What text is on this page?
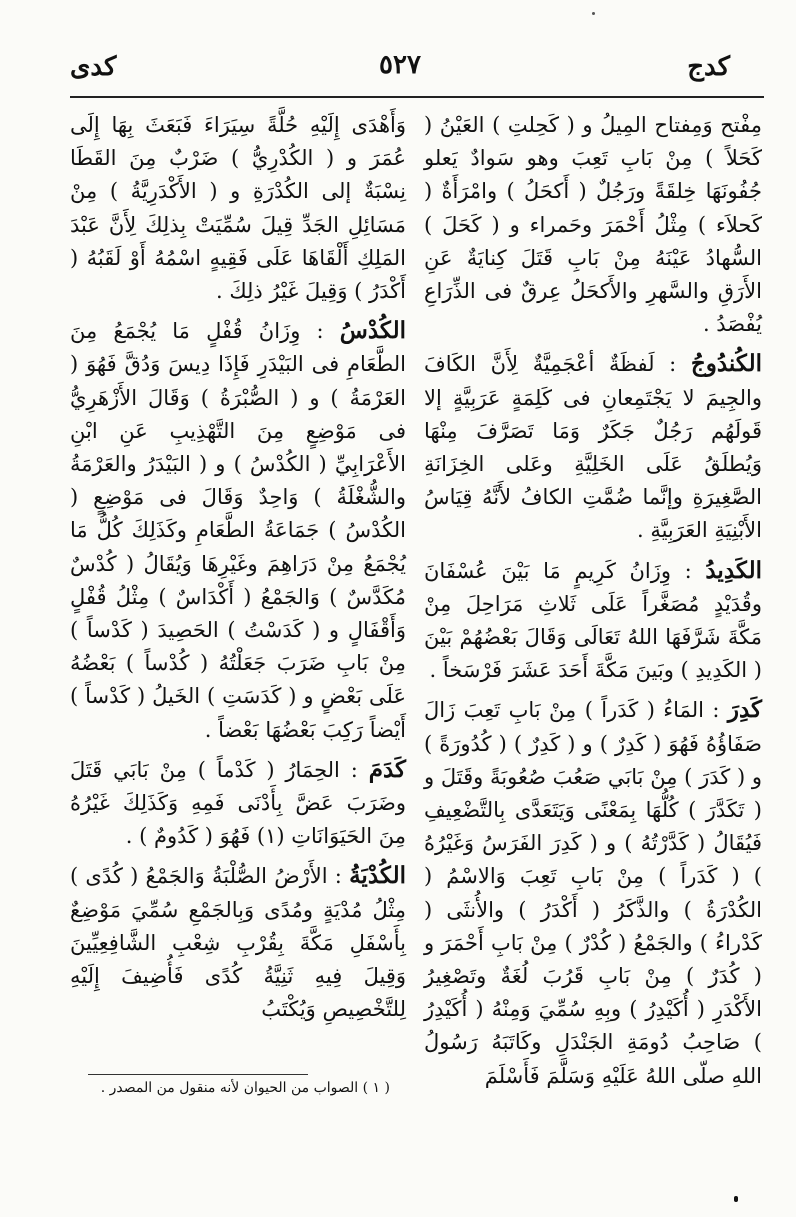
كدج
٥٢٧
كدى

مِفْتح وَمِفتاح المِيلُ و ( كَحِلتِ ) العَيْنُ ( كَحَلاً ) مِنْ بَابِ تَعِبَ وهو سَوادٌ يَعلو جُفُونَهَا خِلقَةً ورَجُلٌ ( أَكحَلُ ) وامْرَأَةٌ ( كَحلاَء ) مِثْلُ أَحْمَرَ وحَمراء و ( كَحَلَ ) السُّهادُ عَيْنَهُ مِنْ بَابِ قَتَلَ كِنايَةٌ عَنِ الأَرَقِ والسَّهرِ والأَكحَلُ عِرقٌ فى الذِّرَاعِ يُفْصَدُ .

الكُندُوجُ : لَفظَةٌ أعْجَمِيَّةٌ لِأَنَّ الكَافَ والجِيمَ لا يَجْتَمِعانِ فى كَلِمَةٍ عَرَبِيَّةٍ إلا قَولَهُم رَجُلٌ جَكَرٌ وَمَا تَصَرَّفَ مِنْهَا وَيُطلَقُ عَلَى الخَلِيَّةِ وعَلى الخِزَانَةِ الصَّغِيرَةِ وإنَّما ضُمَّتِ الكافُ لأَنَّهُ قِيَاسُ الأَبْنِيَةِ العَرَبِيَّةِ .

الكَدِيدُ : وِزَانُ كَرِيمٍ مَا بَيْنَ عُسْفَانَ وقُدَيْدٍ مُصَغَّراً عَلَى ثَلاثِ مَرَاحِلَ مِنْ مَكَّةَ شَرَّفَهَا اللهُ تَعَالَى وَقَالَ بَعْضُهُمْ بَيْنَ ( الكَدِيدِ ) وبَينَ مَكَّةَ أَحَدَ عَشَرَ فَرْسَخاً .

كَدِرَ : المَاءُ ( كَدَراً ) مِنْ بَابِ تَعِبَ زَالَ صَفَاؤُهُ فَهُوَ ( كَدِرٌ ) و ( كَدِرٌ ) ( كُدُورَةً ) و ( كَدَرَ ) مِنْ بَابَي صَعُبَ صُعُوبَةً وقَتَلَ و ( تَكَدَّرَ ) كُلُّهَا بِمَعْنًى وَيَتَعَدَّى بِالتَّضْعِيفِ فَيُقَالُ ( كَدَّرْتُهُ ) و ( كَدِرَ الفَرَسُ وَغَيْرُهُ ) ( كَدَراً ) مِنْ بَابِ تَعِبَ وَالاسْمُ ( الكُدْرَةُ ) والذَّكَرُ ( أَكْدَرُ ) والأُنثَى ( كَدْراءُ ) والجَمْعُ ( كُدْرٌ ) مِنْ بَابِ أَحْمَرَ و ( كُدَرٌ ) مِنْ بَابِ قَرُبَ لُغَةٌ وتَصْغِيرُ الأَكْدَرِ ( أُكَيْدِرُ ) وبِهِ سُمِّيَ وَمِنْهُ ( أُكَيْدِرُ ) صَاحِبُ دُومَةِ الجَنْدَلِ وكَاتَبَهُ رَسُولُ اللهِ صلّى اللهُ عَلَيْهِ وَسَلَّمَ فَأَسْلَمَ

وَأَهْدَى إِلَيْهِ حُلَّةً سِيَرَاءَ فَبَعَثَ بِهَا إِلَى عُمَرَ و ( الكُدْرِيُّ ) ضَرْبٌ مِنَ القَطَا نِسْبَةٌ إلى الكُدْرَةِ و ( الأَكْدَرِيَّةُ ) مِنْ مَسَائِلِ الجَدِّ قِيلَ سُمِّيَتْ بِذلِكَ لِأَنَّ عَبْدَ المَلِكِ أَلْقَاهَا عَلَى فَقِيهٍ اسْمُهُ أَوْ لَقَبُهُ ( أَكْدَرُ ) وَقِيلَ غَيْرُ ذلِكَ .

الكُدْسُ : وِزَانُ قُفْلٍ مَا يُجْمَعُ مِنَ الطَّعَامِ فى البَيْدَرِ فَإِذَا دِيسَ وَدُقَّ فَهُوَ ( العَرْمَةُ ) و ( الصُّبْرَةُ ) وَقَالَ الأَزْهَرِيُّ فى مَوْضِعٍ مِنَ التَّهْذِيبِ عَنِ ابْنِ الأَعْرَابِيِّ ( الكُدْسُ ) و ( البَيْدَرُ والعَرْمَةُ والشُّغْلَةُ ) وَاحِدٌ وَقَالَ فى مَوْضِعٍ ( الكُدْسُ ) جَمَاعَةُ الطَّعَامِ وكَذَلِكَ كُلُّ مَا يُجْمَعُ مِنْ دَرَاهِمَ وغَيْرِهَا وَيُقَالُ ( كُدْسٌ مُكَدَّسٌ ) وَالجَمْعُ ( أَكْدَاسٌ ) مِثْلُ قُفْلٍ وَأَقْفَالٍ و ( كَدَسْتُ ) الحَصِيدَ ( كَدْساً ) مِنْ بَابِ ضَرَبَ جَعَلْتُهُ ( كُدْساً ) بَعْضُهُ عَلَى بَعْضٍ و ( كَدَسَتِ ) الخَيلُ ( كَدْساً ) أَيْضاً رَكِبَ بَعْضُهَا بَعْضاً .

كَدَمَ : الحِمَارُ ( كَدْماً ) مِنْ بَابَي قَتَلَ وضَرَبَ عَضَّ بِأَدْنَى فَمِهِ وَكَذَلِكَ غَيْرُهُ مِنَ الحَيَوَانَاتِ (١) فَهُوَ ( كَدُومٌ ) .

الكُدْيَةُ : الأَرْضُ الصُّلْبَةُ وَالجَمْعُ ( كُدًى ) مِثْلُ مُدْيَةٍ ومُدًى وَبِالجَمْعِ سُمِّيَ مَوْضِعٌ بِأَسْفَلِ مَكَّةَ بِقُرْبِ شِعْبِ الشَّافِعِيِّينَ وَقِيلَ فِيهِ ثَنِيَّةُ كُدًى فَأُضِيفَ إِلَيْهِ لِلتَّخْصِيصِ وَيُكْتَبُ

( ١ ) الصواب من الحيوان لأنه منقول من المصدر .
